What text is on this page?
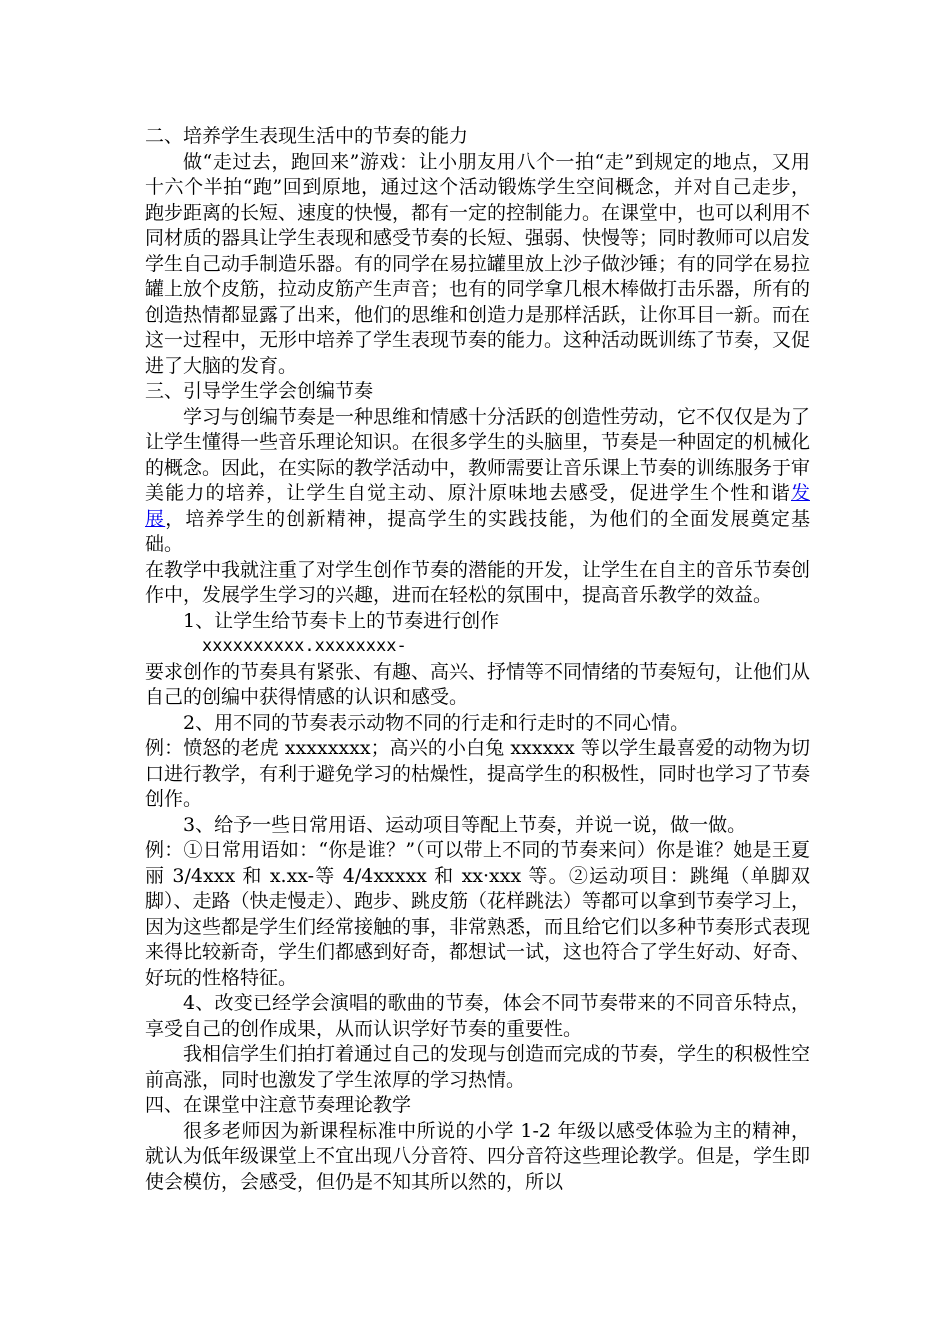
二、培养学生表现生活中的节奏的能力

做“走过去，跑回来”游戏：让小朋友用八个一拍“走”到规定的地点，又用十六个半拍“跑”回到原地，通过这个活动锻炼学生空间概念，并对自己走步，跑步距离的长短、速度的快慢，都有一定的控制能力。在课堂中，也可以利用不同材质的器具让学生表现和感受节奏的长短、强弱、快慢等；同时教师可以启发学生自己动手制造乐器。有的同学在易拉罐里放上沙子做沙锤；有的同学在易拉罐上放个皮筋，拉动皮筋产生声音；也有的同学拿几根木棒做打击乐器，所有的创造热情都显露了出来，他们的思维和创造力是那样活跃，让你耳目一新。而在这一过程中，无形中培养了学生表现节奏的能力。这种活动既训练了节奏，又促进了大脑的发育。

三、引导学生学会创编节奏

学习与创编节奏是一种思维和情感十分活跃的创造性劳动，它不仅仅是为了让学生懂得一些音乐理论知识。在很多学生的头脑里，节奏是一种固定的机械化的概念。因此，在实际的教学活动中，教师需要让音乐课上节奏的训练服务于审美能力的培养，让学生自觉主动、原汁原味地去感受，促进学生个性和谐发展，培养学生的创新精神，提高学生的实践技能，为他们的全面发展奠定基础。

在教学中我就注重了对学生创作节奏的潜能的开发，让学生在自主的音乐节奏创作中，发展学生学习的兴趣，进而在轻松的氛围中，提高音乐教学的效益。

1、让学生给节奏卡上的节奏进行创作

xxxxxxxxxx.xxxxxxxx-

要求创作的节奏具有紧张、有趣、高兴、抒情等不同情绪的节奏短句，让他们从自己的创编中获得情感的认识和感受。

2、用不同的节奏表示动物不同的行走和行走时的不同心情。

例：愤怒的老虎 xxxxxxxx；高兴的小白兔 xxxxxx 等以学生最喜爱的动物为切口进行教学，有利于避免学习的枯燥性，提高学生的积极性，同时也学习了节奏创作。

3、给予一些日常用语、运动项目等配上节奏，并说一说，做一做。

例：①日常用语如：“你是谁？”（可以带上不同的节奏来问）你是谁？她是王夏丽 3/4xxx 和 x.xx-等 4/4xxxxx 和 xx·xxx 等。②运动项目：跳绳（单脚双脚）、走路（快走慢走）、跑步、跳皮筋（花样跳法）等都可以拿到节奏学习上，因为这些都是学生们经常接触的事，非常熟悉，而且给它们以多种节奏形式表现来得比较新奇，学生们都感到好奇，都想试一试，这也符合了学生好动、好奇、好玩的性格特征。

4、改变已经学会演唱的歌曲的节奏，体会不同节奏带来的不同音乐特点，享受自己的创作成果，从而认识学好节奏的重要性。

我相信学生们拍打着通过自己的发现与创造而完成的节奏，学生的积极性空前高涨，同时也激发了学生浓厚的学习热情。

四、在课堂中注意节奏理论教学

很多老师因为新课程标准中所说的小学 1-2 年级以感受体验为主的精神，就认为低年级课堂上不宜出现八分音符、四分音符这些理论教学。但是，学生即使会模仿，会感受，但仍是不知其所以然的，所以
